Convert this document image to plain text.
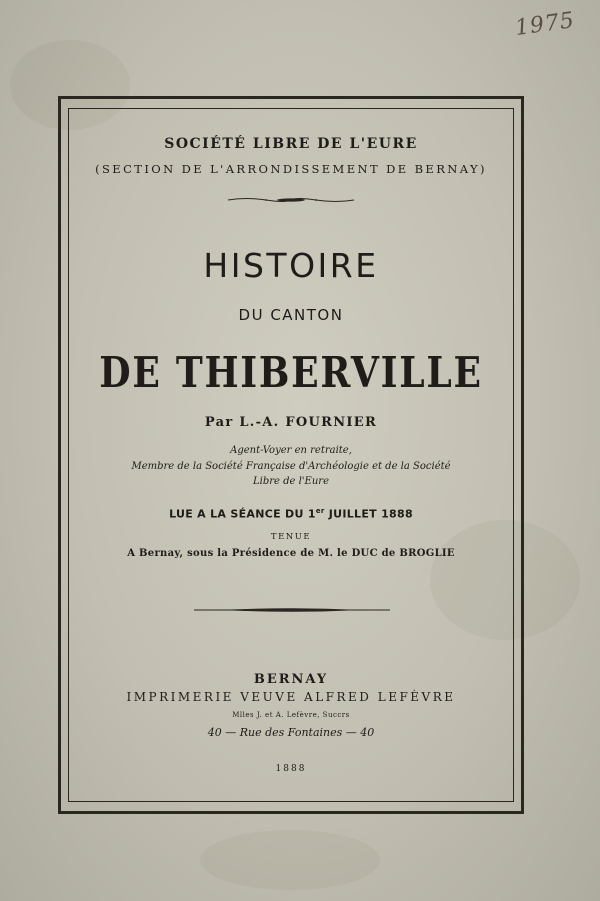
1975
SOCIÉTÉ LIBRE DE L'EURE
(SECTION DE L'ARRONDISSEMENT DE BERNAY)
HISTOIRE
DU CANTON
DE THIBERVILLE
Par L.-A. FOURNIER
Agent-Voyer en retraite,
Membre de la Société Française d'Archéologie et de la Société
Libre de l'Eure
LUE A LA SÉANCE DU 1er JUILLET 1888
TENUE
A Bernay, sous la Présidence de M. le DUC de BROGLIE
BERNAY
IMPRIMERIE VEUVE ALFRED LEFÈVRE
Mlles J. et A. Lefèvre, Succrs
40 — Rue des Fontaines — 40
1888
